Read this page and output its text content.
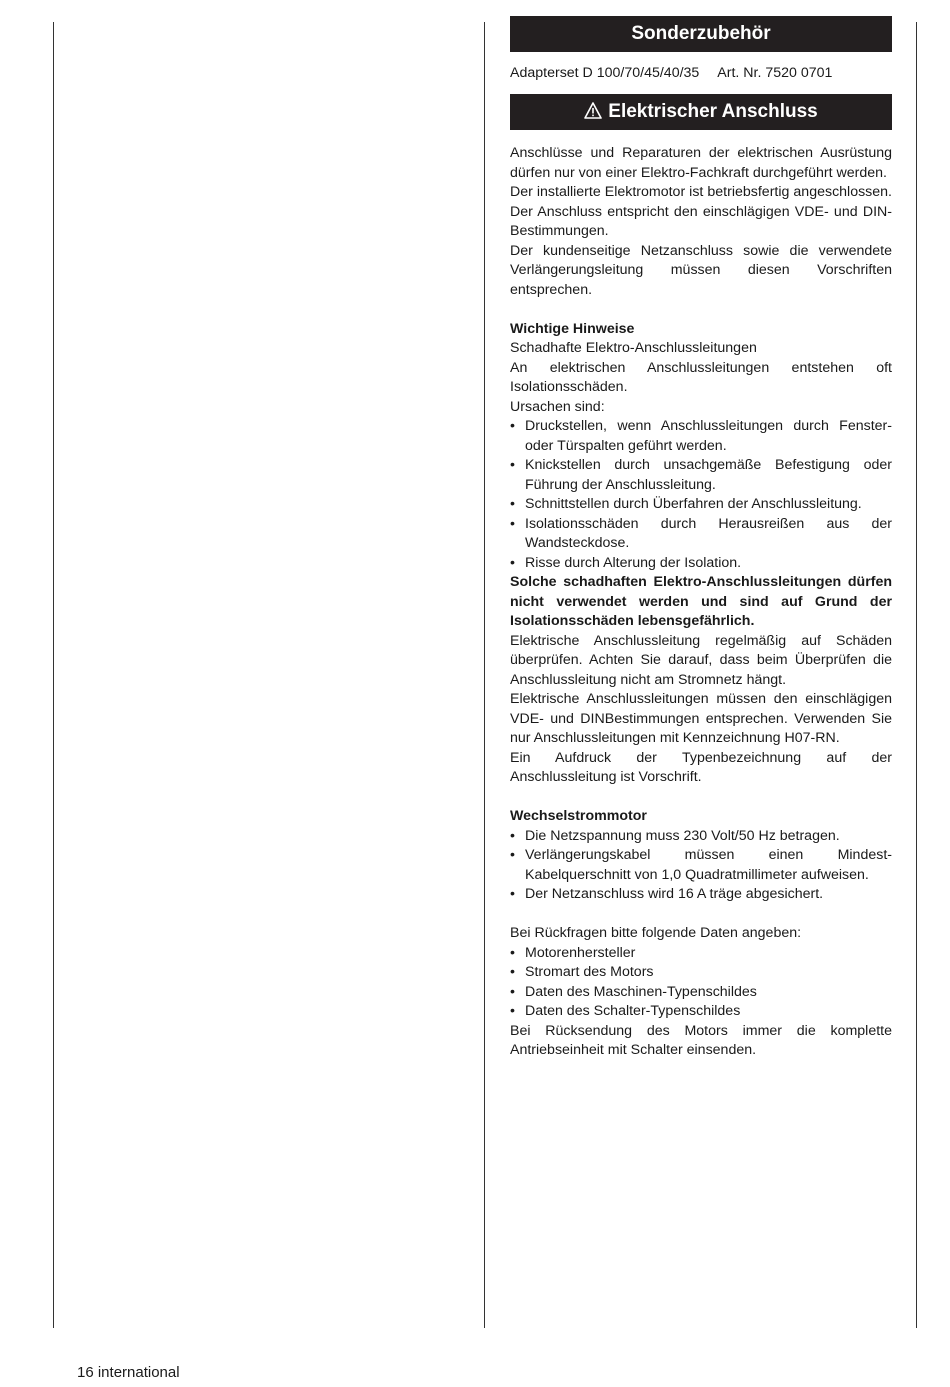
Sonderzubehör
Adapterset D 100/70/45/40/35 Art. Nr. 7520 0701
Elektrischer Anschluss

Anschlüsse und Reparaturen der elektrischen Ausrüstung dürfen nur von einer Elektro-Fachkraft durchgeführt werden.

Der installierte Elektromotor ist betriebsfertig angeschlossen. Der Anschluss entspricht den einschlägigen VDE- und DIN-Bestimmungen.

Der kundenseitige Netzanschluss sowie die verwendete Verlängerungsleitung müssen diesen Vorschriften entsprechen.

Wichtige Hinweise

Schadhafte Elektro-Anschlussleitungen

An elektrischen Anschlussleitungen entstehen oft Isolationsschäden.

Ursachen sind:

• Druckstellen, wenn Anschlussleitungen durch Fenster- oder Türspalten geführt werden.
• Knickstellen durch unsachgemäße Befestigung oder Führung der Anschlussleitung.
• Schnittstellen durch Überfahren der Anschlussleitung.
• Isolationsschäden durch Herausreißen aus der Wandsteckdose.
• Risse durch Alterung der Isolation.

Solche schadhaften Elektro-Anschlussleitungen dürfen nicht verwendet werden und sind auf Grund der Isolationsschäden lebensgefährlich.

Elektrische Anschlussleitung regelmäßig auf Schäden überprüfen. Achten Sie darauf, dass beim Überprüfen die Anschlussleitung nicht am Stromnetz hängt.

Elektrische Anschlussleitungen müssen den einschlägigen VDE- und DINBestimmungen entsprechen. Verwenden Sie nur Anschlussleitungen mit Kennzeichnung H07-RN.

Ein Aufdruck der Typenbezeichnung auf der Anschlussleitung ist Vorschrift.

Wechselstrommotor

• Die Netzspannung muss 230 Volt/50 Hz betragen.
• Verlängerungskabel müssen einen Mindest-Kabelquerschnitt von 1,0 Quadratmillimeter aufweisen.
• Der Netzanschluss wird 16 A träge abgesichert.

Bei Rückfragen bitte folgende Daten angeben:

• Motorenhersteller
• Stromart des Motors
• Daten des Maschinen-Typenschildes
• Daten des Schalter-Typenschildes

Bei Rücksendung des Motors immer die komplette Antriebseinheit mit Schalter einsenden.

16 international
